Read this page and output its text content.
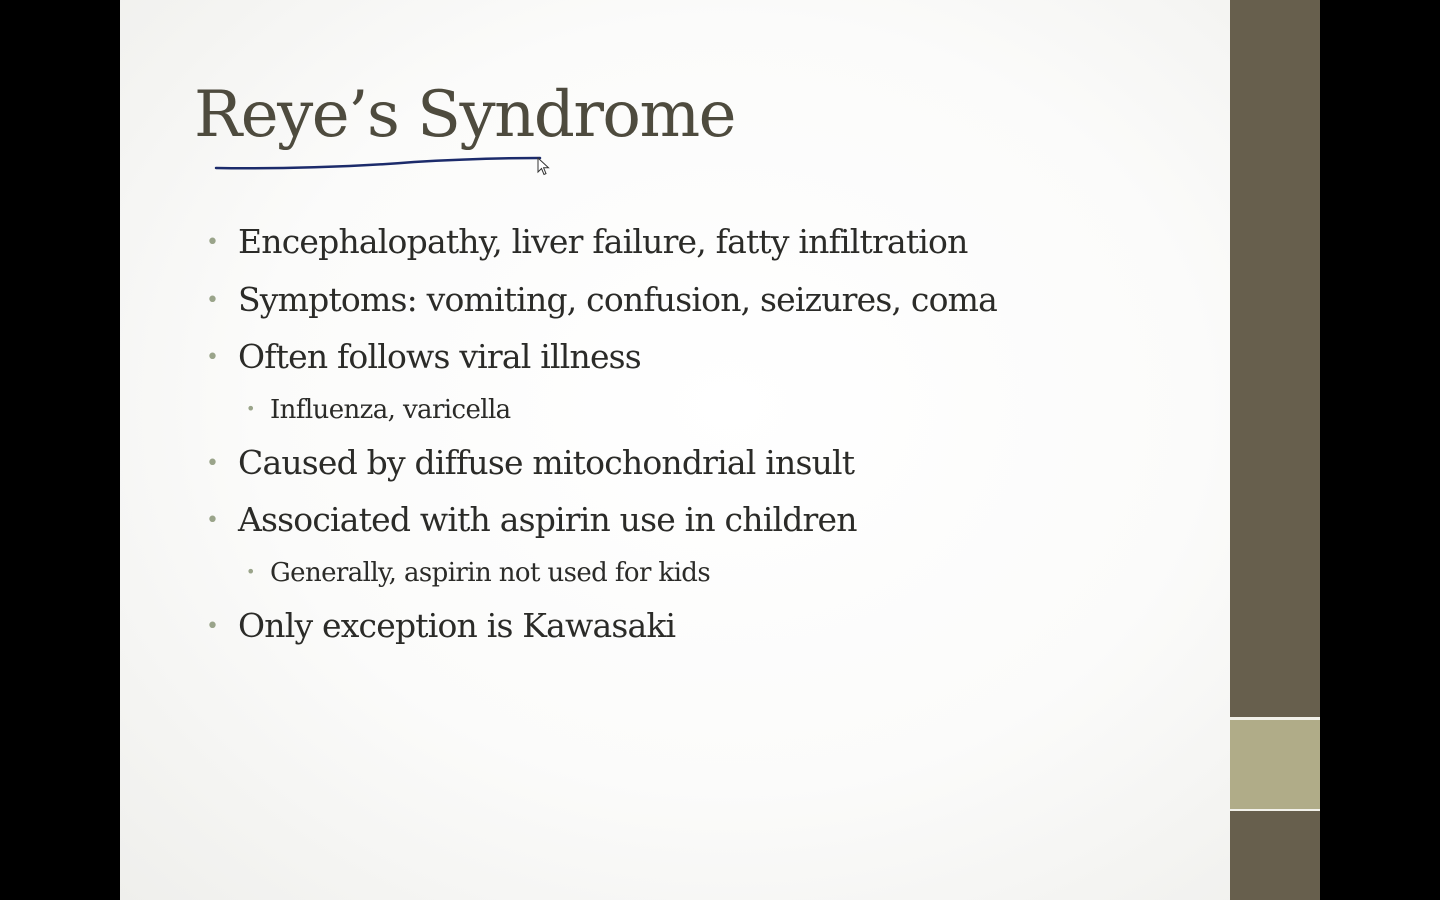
Reye’s Syndrome
• Encephalopathy, liver failure, fatty infiltration
• Symptoms: vomiting, confusion, seizures, coma
• Often follows viral illness
• Influenza, varicella
• Caused by diffuse mitochondrial insult
• Associated with aspirin use in children
• Generally, aspirin not used for kids
• Only exception is Kawasaki
